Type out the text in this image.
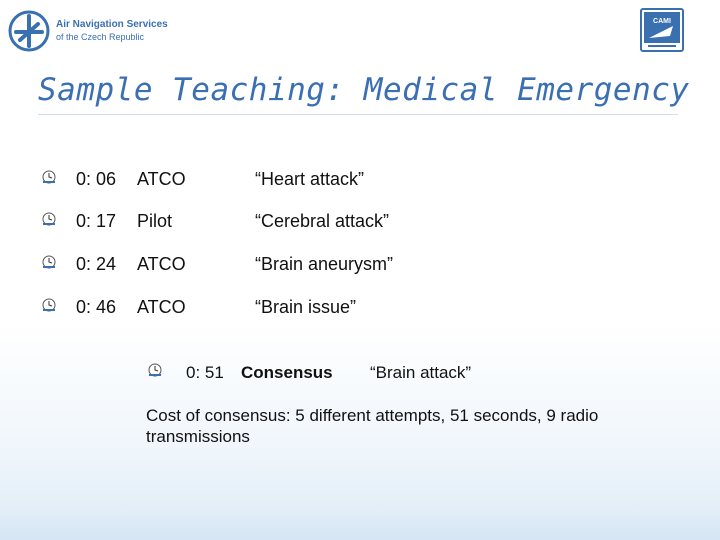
Air Navigation Services
of the Czech Republic
CAMI
Sample Teaching: Medical Emergency
0: 06 ATCO	“Heart attack”
0: 17 Pilot	“Cerebral attack”
0: 24 ATCO	“Brain aneurysm”
0: 46 ATCO	“Brain issue”
0: 51 Consensus “Brain attack”
Cost of consensus: 5 different attempts, 51 seconds, 9 radio transmissions
